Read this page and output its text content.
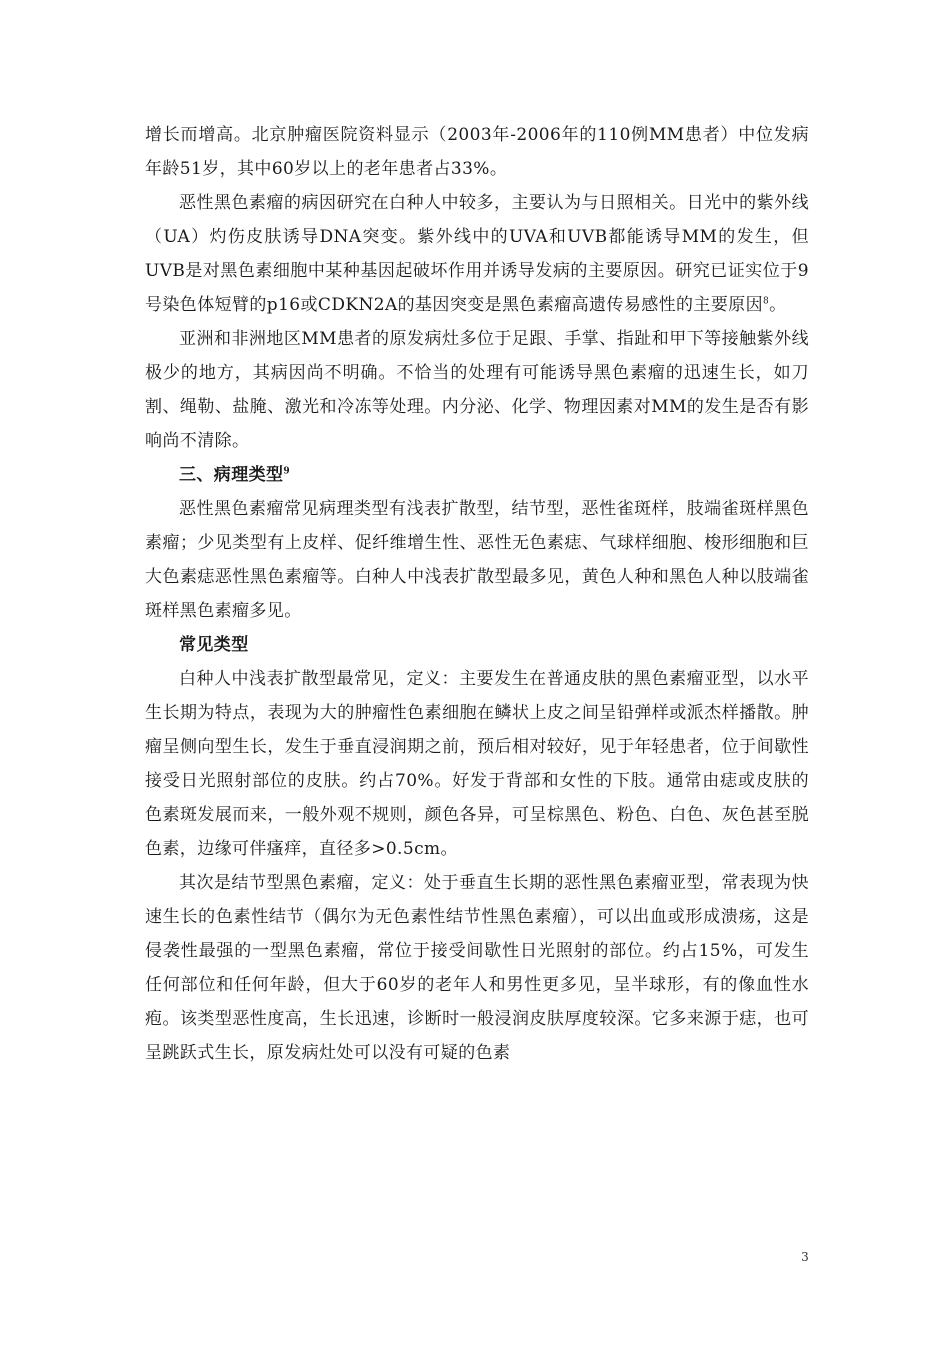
增长而增高。北京肿瘤医院资料显示（2003年-2006年的110例MM患者）中位发病年龄51岁，其中60岁以上的老年患者占33%。

恶性黑色素瘤的病因研究在白种人中较多，主要认为与日照相关。日光中的紫外线（UA）灼伤皮肤诱导DNA突变。紫外线中的UVA和UVB都能诱导MM的发生，但UVB是对黑色素细胞中某种基因起破坏作用并诱导发病的主要原因。研究已证实位于9号染色体短臂的p16或CDKN2A的基因突变是黑色素瘤高遗传易感性的主要原因$^8$。

亚洲和非洲地区MM患者的原发病灶多位于足跟、手掌、指趾和甲下等接触紫外线极少的地方，其病因尚不明确。不恰当的处理有可能诱导黑色素瘤的迅速生长，如刀割、绳勒、盐腌、激光和冷冻等处理。内分泌、化学、物理因素对MM的发生是否有影响尚不清除。

三、病理类型$^9$

恶性黑色素瘤常见病理类型有浅表扩散型，结节型，恶性雀斑样，肢端雀斑样黑色素瘤；少见类型有上皮样、促纤维增生性、恶性无色素痣、气球样细胞、梭形细胞和巨大色素痣恶性黑色素瘤等。白种人中浅表扩散型最多见，黄色人种和黑色人种以肢端雀斑样黑色素瘤多见。

常见类型

白种人中浅表扩散型最常见，定义：主要发生在普通皮肤的黑色素瘤亚型，以水平生长期为特点，表现为大的肿瘤性色素细胞在鳞状上皮之间呈铅弹样或派杰样播散。肿瘤呈侧向型生长，发生于垂直浸润期之前，预后相对较好，见于年轻患者，位于间歇性接受日光照射部位的皮肤。约占70%。好发于背部和女性的下肢。通常由痣或皮肤的色素斑发展而来，一般外观不规则，颜色各异，可呈棕黑色、粉色、白色、灰色甚至脱色素，边缘可伴瘙痒，直径多>0.5cm。

其次是结节型黑色素瘤，定义：处于垂直生长期的恶性黑色素瘤亚型，常表现为快速生长的色素性结节（偶尔为无色素性结节性黑色素瘤），可以出血或形成溃疡，这是侵袭性最强的一型黑色素瘤，常位于接受间歇性日光照射的部位。约占15%，可发生任何部位和任何年龄，但大于60岁的老年人和男性更多见，呈半球形，有的像血性水疱。该类型恶性度高，生长迅速，诊断时一般浸润皮肤厚度较深。它多来源于痣，也可呈跳跃式生长，原发病灶处可以没有可疑的色素

3
